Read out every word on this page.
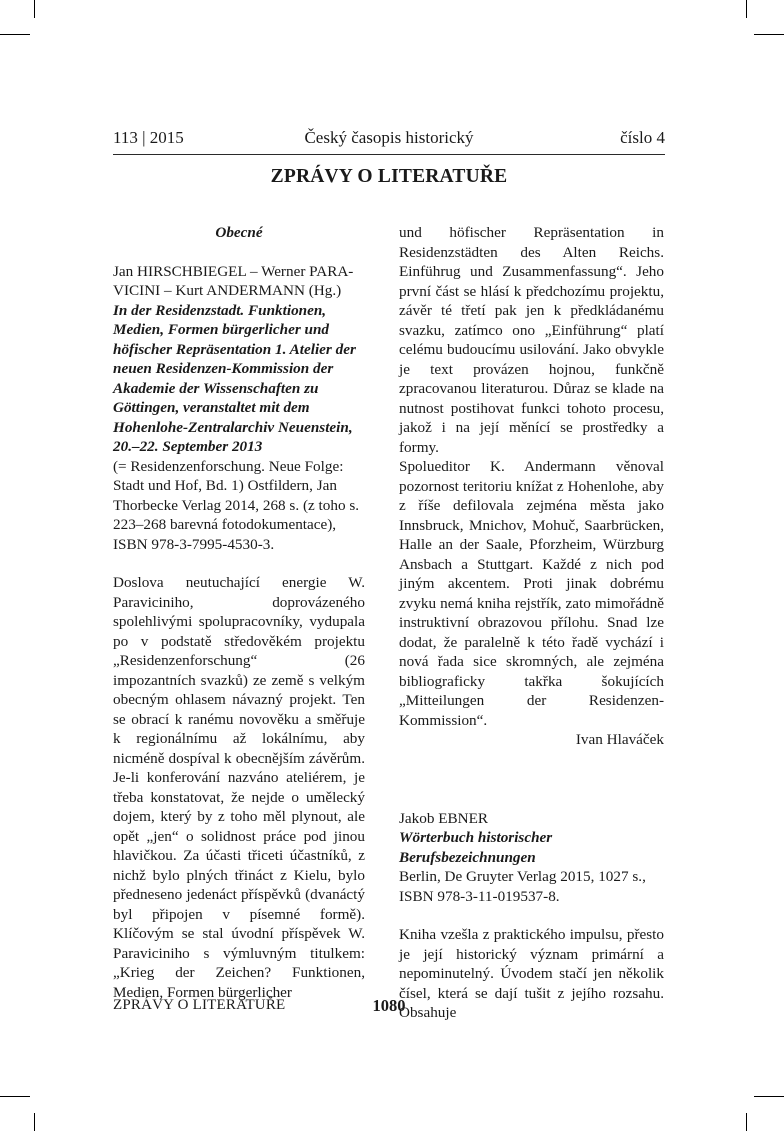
113 | 2015	Český časopis historický	číslo 4
ZPRÁVY O LITERATUŘE

Obecné

Jan HIRSCHBIEGEL – Werner PARA-VICINI – Kurt ANDERMANN (Hg.)

In der Residenzstadt. Funktionen, Medien, Formen bürgerlicher und höfischer Repräsentation 1. Atelier der neuen Residenzen-Kommission der Akademie der Wissenschaften zu Göttingen, veranstaltet mit dem Hohenlohe-Zentralarchiv Neuenstein, 20.–22. September 2013

(= Residenzenforschung. Neue Folge: Stadt und Hof, Bd. 1) Ostfildern, Jan Thorbecke Verlag 2014, 268 s. (z toho s. 223–268 barevná fotodokumentace), ISBN 978-3-7995-4530-3.

Doslova neutuchající energie W. Paraviciniho, doprovázeného spolehlivými spolupracovníky, vydupala po v podstatě středověkém projektu „Residenzenforschung“ (26 impozantních svazků) ze země s velkým obecným ohlasem návazný projekt. Ten se obrací k ranému novověku a směřuje k regionálnímu až lokálnímu, aby nicméně dospíval k obecnějším závěrům. Je-li konferování nazváno ateliérem, je třeba konstatovat, že nejde o umělecký dojem, který by z toho měl plynout, ale opět „jen“ o solidnost práce pod jinou hlavičkou. Za účasti třiceti účastníků, z nichž bylo plných třináct z Kielu, bylo předneseno jedenáct příspěvků (dvanáctý byl připojen v písemné formě). Klíčovým se stal úvodní příspěvek W. Paraviciniho s výmluvným titulkem: „Krieg der Zeichen? Funktionen, Medien, Formen bürgerlicher

und höfischer Repräsentation in Residenzstädten des Alten Reichs. Einführug und Zusammenfassung“. Jeho první část se hlásí k předchozímu projektu, závěr té třetí pak jen k předkládanému svazku, zatímco ono „Einführung“ platí celému budoucímu usilování. Jako obvykle je text provázen hojnou, funkčně zpracovanou literaturou. Důraz se klade na nutnost postihovat funkci tohoto procesu, jakož i na její měnící se prostředky a formy.

Spolueditor K. Andermann věnoval pozornost teritoriu knížat z Hohenlohe, aby z říše defilovala zejména města jako Innsbruck, Mnichov, Mohuč, Saarbrücken, Halle an der Saale, Pforzheim, Würzburg Ansbach a Stuttgart. Každé z nich pod jiným akcentem. Proti jinak dobrému zvyku nemá kniha rejstřík, zato mimořádně instruktivní obrazovou přílohu. Snad lze dodat, že paralelně k této řadě vychází i nová řada sice skromných, ale zejména bibliograficky takřka šokujících „Mitteilungen der Residenzen-Kommission“.

Ivan Hlaváček

Jakob EBNER

Wörterbuch historischer Berufsbezeichnungen

Berlin, De Gruyter Verlag 2015, 1027 s., ISBN 978-3-11-019537-8.

Kniha vzešla z praktického impulsu, přesto je její historický význam primární a nepominutelný. Úvodem stačí jen několik čísel, která se dají tušit z jejího rozsahu. Obsahuje

ZPRÁVY O LITERATUŘE	1080
